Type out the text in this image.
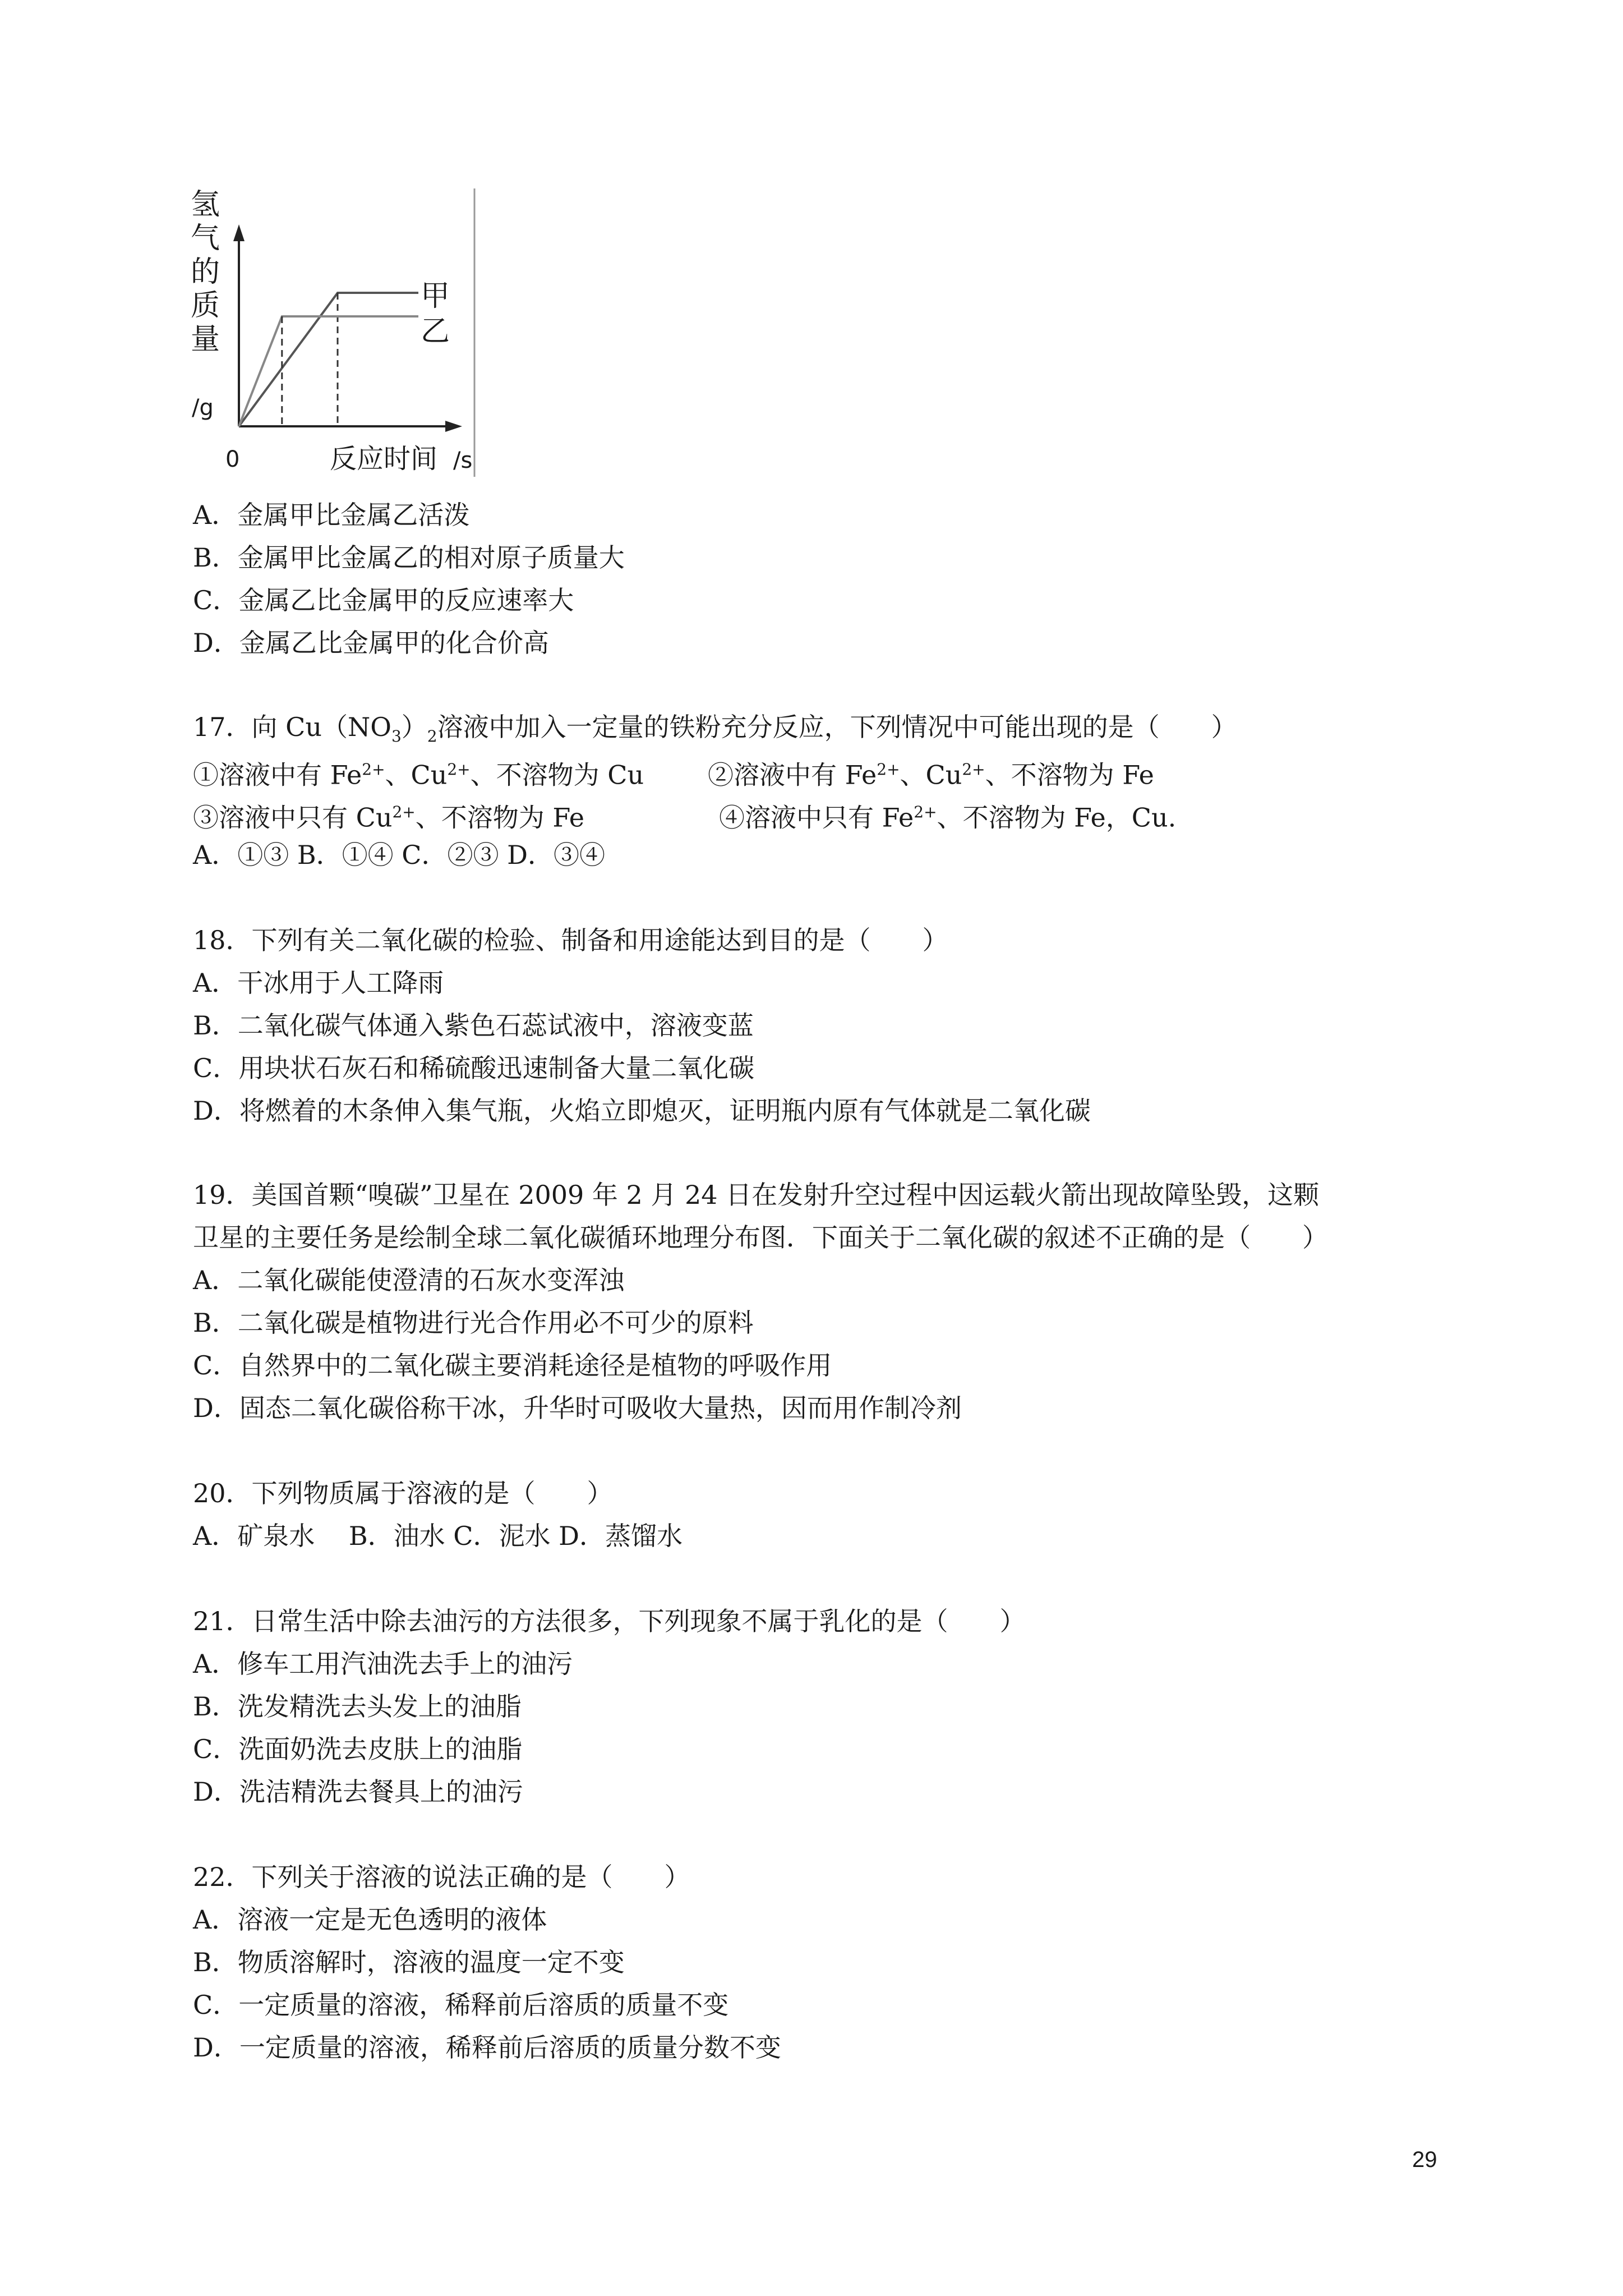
氢
气
的
质
量
/g
甲
乙
0	反应时间 /s
A．金属甲比金属乙活泼
B．金属甲比金属乙的相对原子质量大
C．金属乙比金属甲的反应速率大
D．金属乙比金属甲的化合价高
17．向 $Cu(NO_3)_2$溶液中加入一定量的铁粉充分反应，下列情况中可能出现的是（　　）
①溶液中有 $Fe^{2+}$、$Cu^{2+}$、不溶物为 Cu ②溶液中有 $Fe^{2+}$、$Cu^{2+}$、不溶物为 Fe
③溶液中只有 $Cu^{2+}$、不溶物为 Fe	④溶液中只有 $Fe^{2+}$、不溶物为 Fe，Cu.
A．①③ B．①④ C．②③ D．③④
18．下列有关二氧化碳的检验、制备和用途能达到目的是（　　）
A．干冰用于人工降雨
B．二氧化碳气体通入紫色石蕊试液中，溶液变蓝
C．用块状石灰石和稀硫酸迅速制备大量二氧化碳
D．将燃着的木条伸入集气瓶，火焰立即熄灭，证明瓶内原有气体就是二氧化碳
19．美国首颗“嗅碳”卫星在 2009 年 2 月 24 日在发射升空过程中因运载火箭出现故障坠毁，这颗
卫星的主要任务是绘制全球二氧化碳循环地理分布图．下面关于二氧化碳的叙述不正确的是（　　）
A．二氧化碳能使澄清的石灰水变浑浊
B．二氧化碳是植物进行光合作用必不可少的原料
C．自然界中的二氧化碳主要消耗途径是植物的呼吸作用
D．固态二氧化碳俗称干冰，升华时可吸收大量热，因而用作制冷剂
20．下列物质属于溶液的是（　　）
A．矿泉水　 B．油水 C．泥水 D．蒸馏水
21．日常生活中除去油污的方法很多，下列现象不属于乳化的是（　　）
A．修车工用汽油洗去手上的油污
B．洗发精洗去头发上的油脂
C．洗面奶洗去皮肤上的油脂
D．洗洁精洗去餐具上的油污
22．下列关于溶液的说法正确的是（　　）
A．溶液一定是无色透明的液体
B．物质溶解时，溶液的温度一定不变
C．一定质量的溶液，稀释前后溶质的质量不变
D．一定质量的溶液，稀释前后溶质的质量分数不变
29
